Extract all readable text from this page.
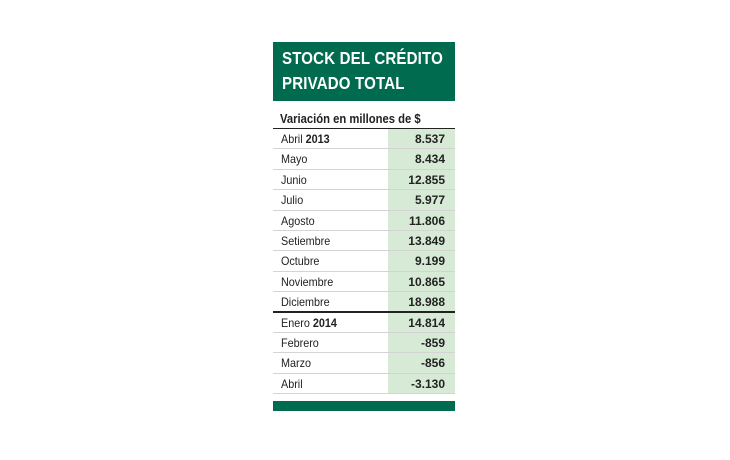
STOCK DEL CRÉDITO
PRIVADO TOTAL
Variación en millones de $
Abril 2013	8.537
Mayo	8.434
Junio	12.855
Julio	5.977
Agosto	11.806
Setiembre	13.849
Octubre	9.199
Noviembre	10.865
Diciembre	18.988
Enero 2014	14.814
Febrero	-859
Marzo	-856
Abril	-3.130
